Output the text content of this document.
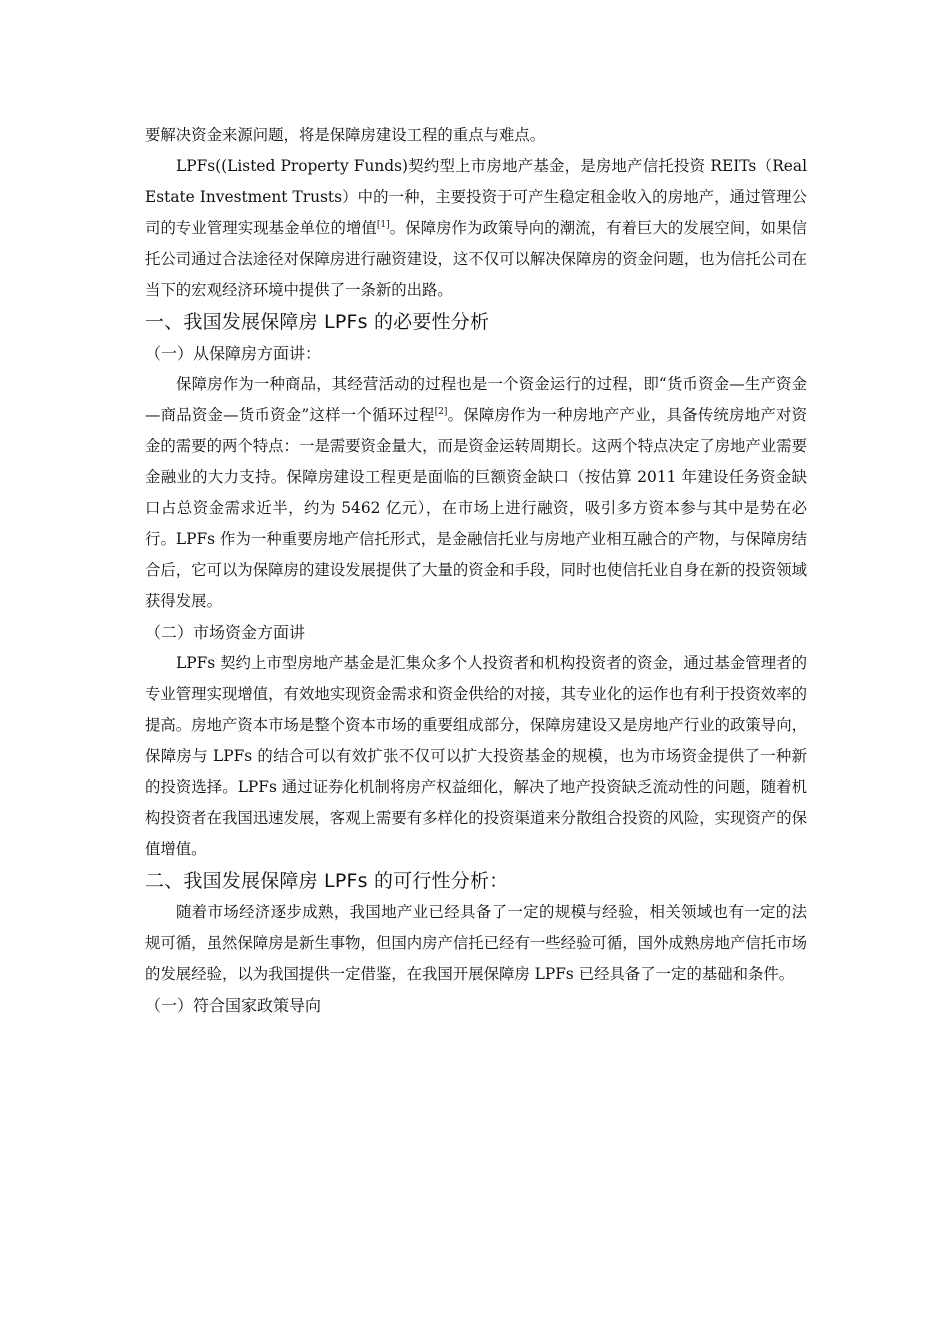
要解决资金来源问题，将是保障房建设工程的重点与难点。

LPFs((Listed Property Funds)契约型上市房地产基金，是房地产信托投资 REITs（Real Estate Investment Trusts）中的一种，主要投资于可产生稳定租金收入的房地产，通过管理公司的专业管理实现基金单位的增值[1]。保障房作为政策导向的潮流，有着巨大的发展空间，如果信托公司通过合法途径对保障房进行融资建设，这不仅可以解决保障房的资金问题，也为信托公司在当下的宏观经济环境中提供了一条新的出路。

一、我国发展保障房 LPFs 的必要性分析
（一）从保障房方面讲：

保障房作为一种商品，其经营活动的过程也是一个资金运行的过程，即“货币资金—生产资金—商品资金—货币资金”这样一个循环过程[2]。保障房作为一种房地产产业，具备传统房地产对资金的需要的两个特点：一是需要资金量大，而是资金运转周期长。这两个特点决定了房地产业需要金融业的大力支持。保障房建设工程更是面临的巨额资金缺口（按估算 2011 年建设任务资金缺口占总资金需求近半，约为 5462 亿元），在市场上进行融资，吸引多方资本参与其中是势在必行。LPFs 作为一种重要房地产信托形式，是金融信托业与房地产业相互融合的产物，与保障房结合后，它可以为保障房的建设发展提供了大量的资金和手段，同时也使信托业自身在新的投资领域获得发展。

（二）市场资金方面讲

LPFs 契约上市型房地产基金是汇集众多个人投资者和机构投资者的资金，通过基金管理者的专业管理实现增值，有效地实现资金需求和资金供给的对接，其专业化的运作也有利于投资效率的提高。房地产资本市场是整个资本市场的重要组成部分，保障房建设又是房地产行业的政策导向，保障房与 LPFs 的结合可以有效扩张不仅可以扩大投资基金的规模，也为市场资金提供了一种新的投资选择。LPFs 通过证券化机制将房产权益细化，解决了地产投资缺乏流动性的问题，随着机构投资者在我国迅速发展，客观上需要有多样化的投资渠道来分散组合投资的风险，实现资产的保值增值。

二、我国发展保障房 LPFs 的可行性分析：

随着市场经济逐步成熟，我国地产业已经具备了一定的规模与经验，相关领域也有一定的法规可循，虽然保障房是新生事物，但国内房产信托已经有一些经验可循，国外成熟房地产信托市场的发展经验，以为我国提供一定借鉴，在我国开展保障房 LPFs 已经具备了一定的基础和条件。

（一）符合国家政策导向
